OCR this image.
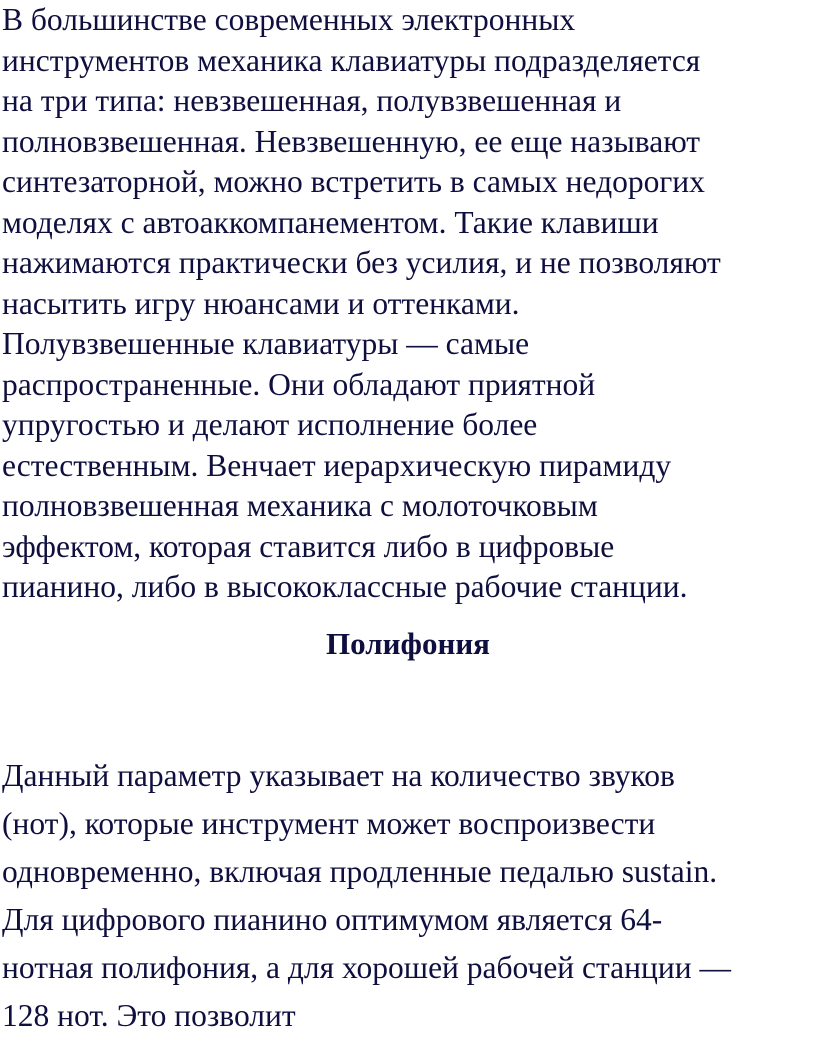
В большинстве современных электронных
инструментов механика клавиатуры подразделяется
на три типа: невзвешенная, полувзвешенная и
полновзвешенная. Невзвешенную, ее еще называют
синтезаторной, можно встретить в самых недорогих
моделях с автоаккомпанементом. Такие клавиши
нажимаются практически без усилия, и не позволяют
насытить игру нюансами и оттенками.
Полувзвешенные клавиатуры — самые
распространенные. Они обладают приятной
упругостью и делают исполнение более
естественным. Венчает иерархическую пирамиду
полновзвешенная механика с молоточковым
эффектом, которая ставится либо в цифровые
пианино, либо в высококлассные рабочие станции.
Полифония
Данный параметр указывает на количество звуков
(нот), которые инструмент может воспроизвести
одновременно, включая продленные педалью sustain.
Для цифрового пианино оптимумом является 64-
нотная полифония, а для хорошей рабочей станции —
128 нот. Это позволит
